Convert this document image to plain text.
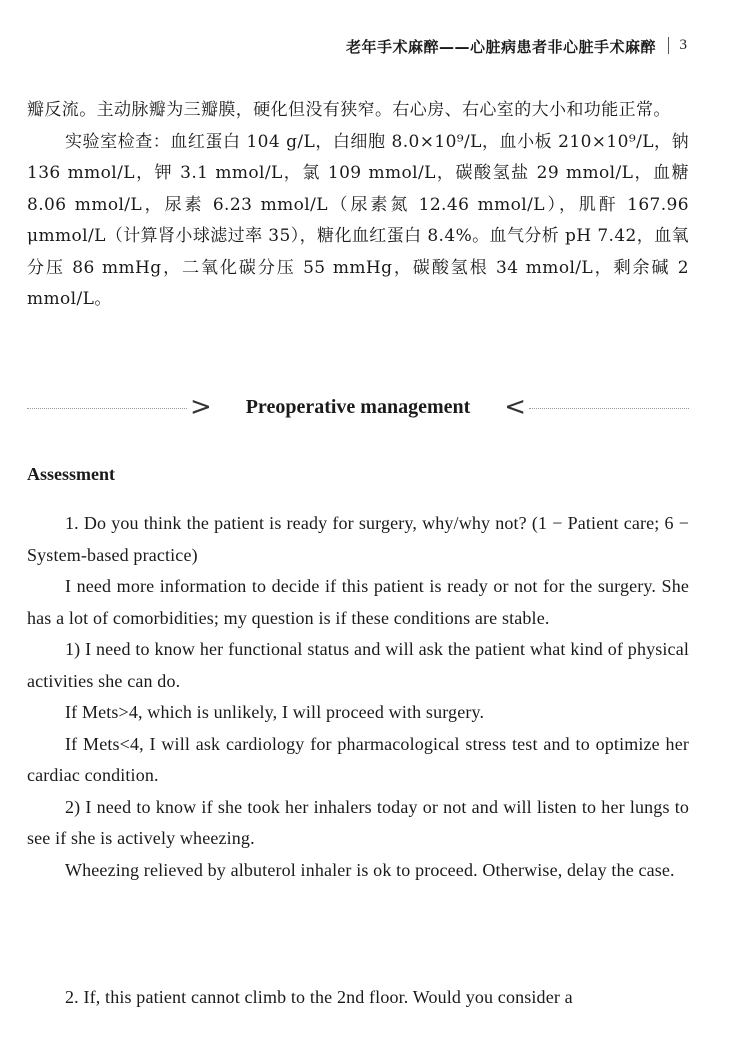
老年手术麻醉——心脏病患者非心脏手术麻醉 3

瓣反流。主动脉瓣为三瓣膜，硬化但没有狭窄。右心房、右心室的大小和功能正常。

实验室检查：血红蛋白 104 g/L，白细胞 8.0×10⁹/L，血小板 210×10⁹/L，钠 136 mmol/L，钾 3.1 mmol/L，氯 109 mmol/L，碳酸氢盐 29 mmol/L，血糖 8.06 mmol/L，尿素 6.23 mmol/L（尿素氮 12.46 mmol/L），肌酐 167.96 μmmol/L（计算肾小球滤过率 35），糖化血红蛋白 8.4%。血气分析 pH 7.42，血氧分压 86 mmHg，二氧化碳分压 55 mmHg，碳酸氢根 34 mmol/L，剩余碱 2 mmol/L。

>	Preoperative management	<
Assessment

1. Do you think the patient is ready for surgery, why/why not? (1 − Patient care; 6 − System-based practice)

I need more information to decide if this patient is ready or not for the surgery. She has a lot of comorbidities; my question is if these conditions are stable.

1) I need to know her functional status and will ask the patient what kind of physical activities she can do.

If Mets>4, which is unlikely, I will proceed with surgery.

If Mets<4, I will ask cardiology for pharmacological stress test and to optimize her cardiac condition.

2) I need to know if she took her inhalers today or not and will listen to her lungs to see if she is actively wheezing.

Wheezing relieved by albuterol inhaler is ok to proceed. Otherwise, delay the case.

2. If, this patient cannot climb to the 2nd floor. Would you consider a
